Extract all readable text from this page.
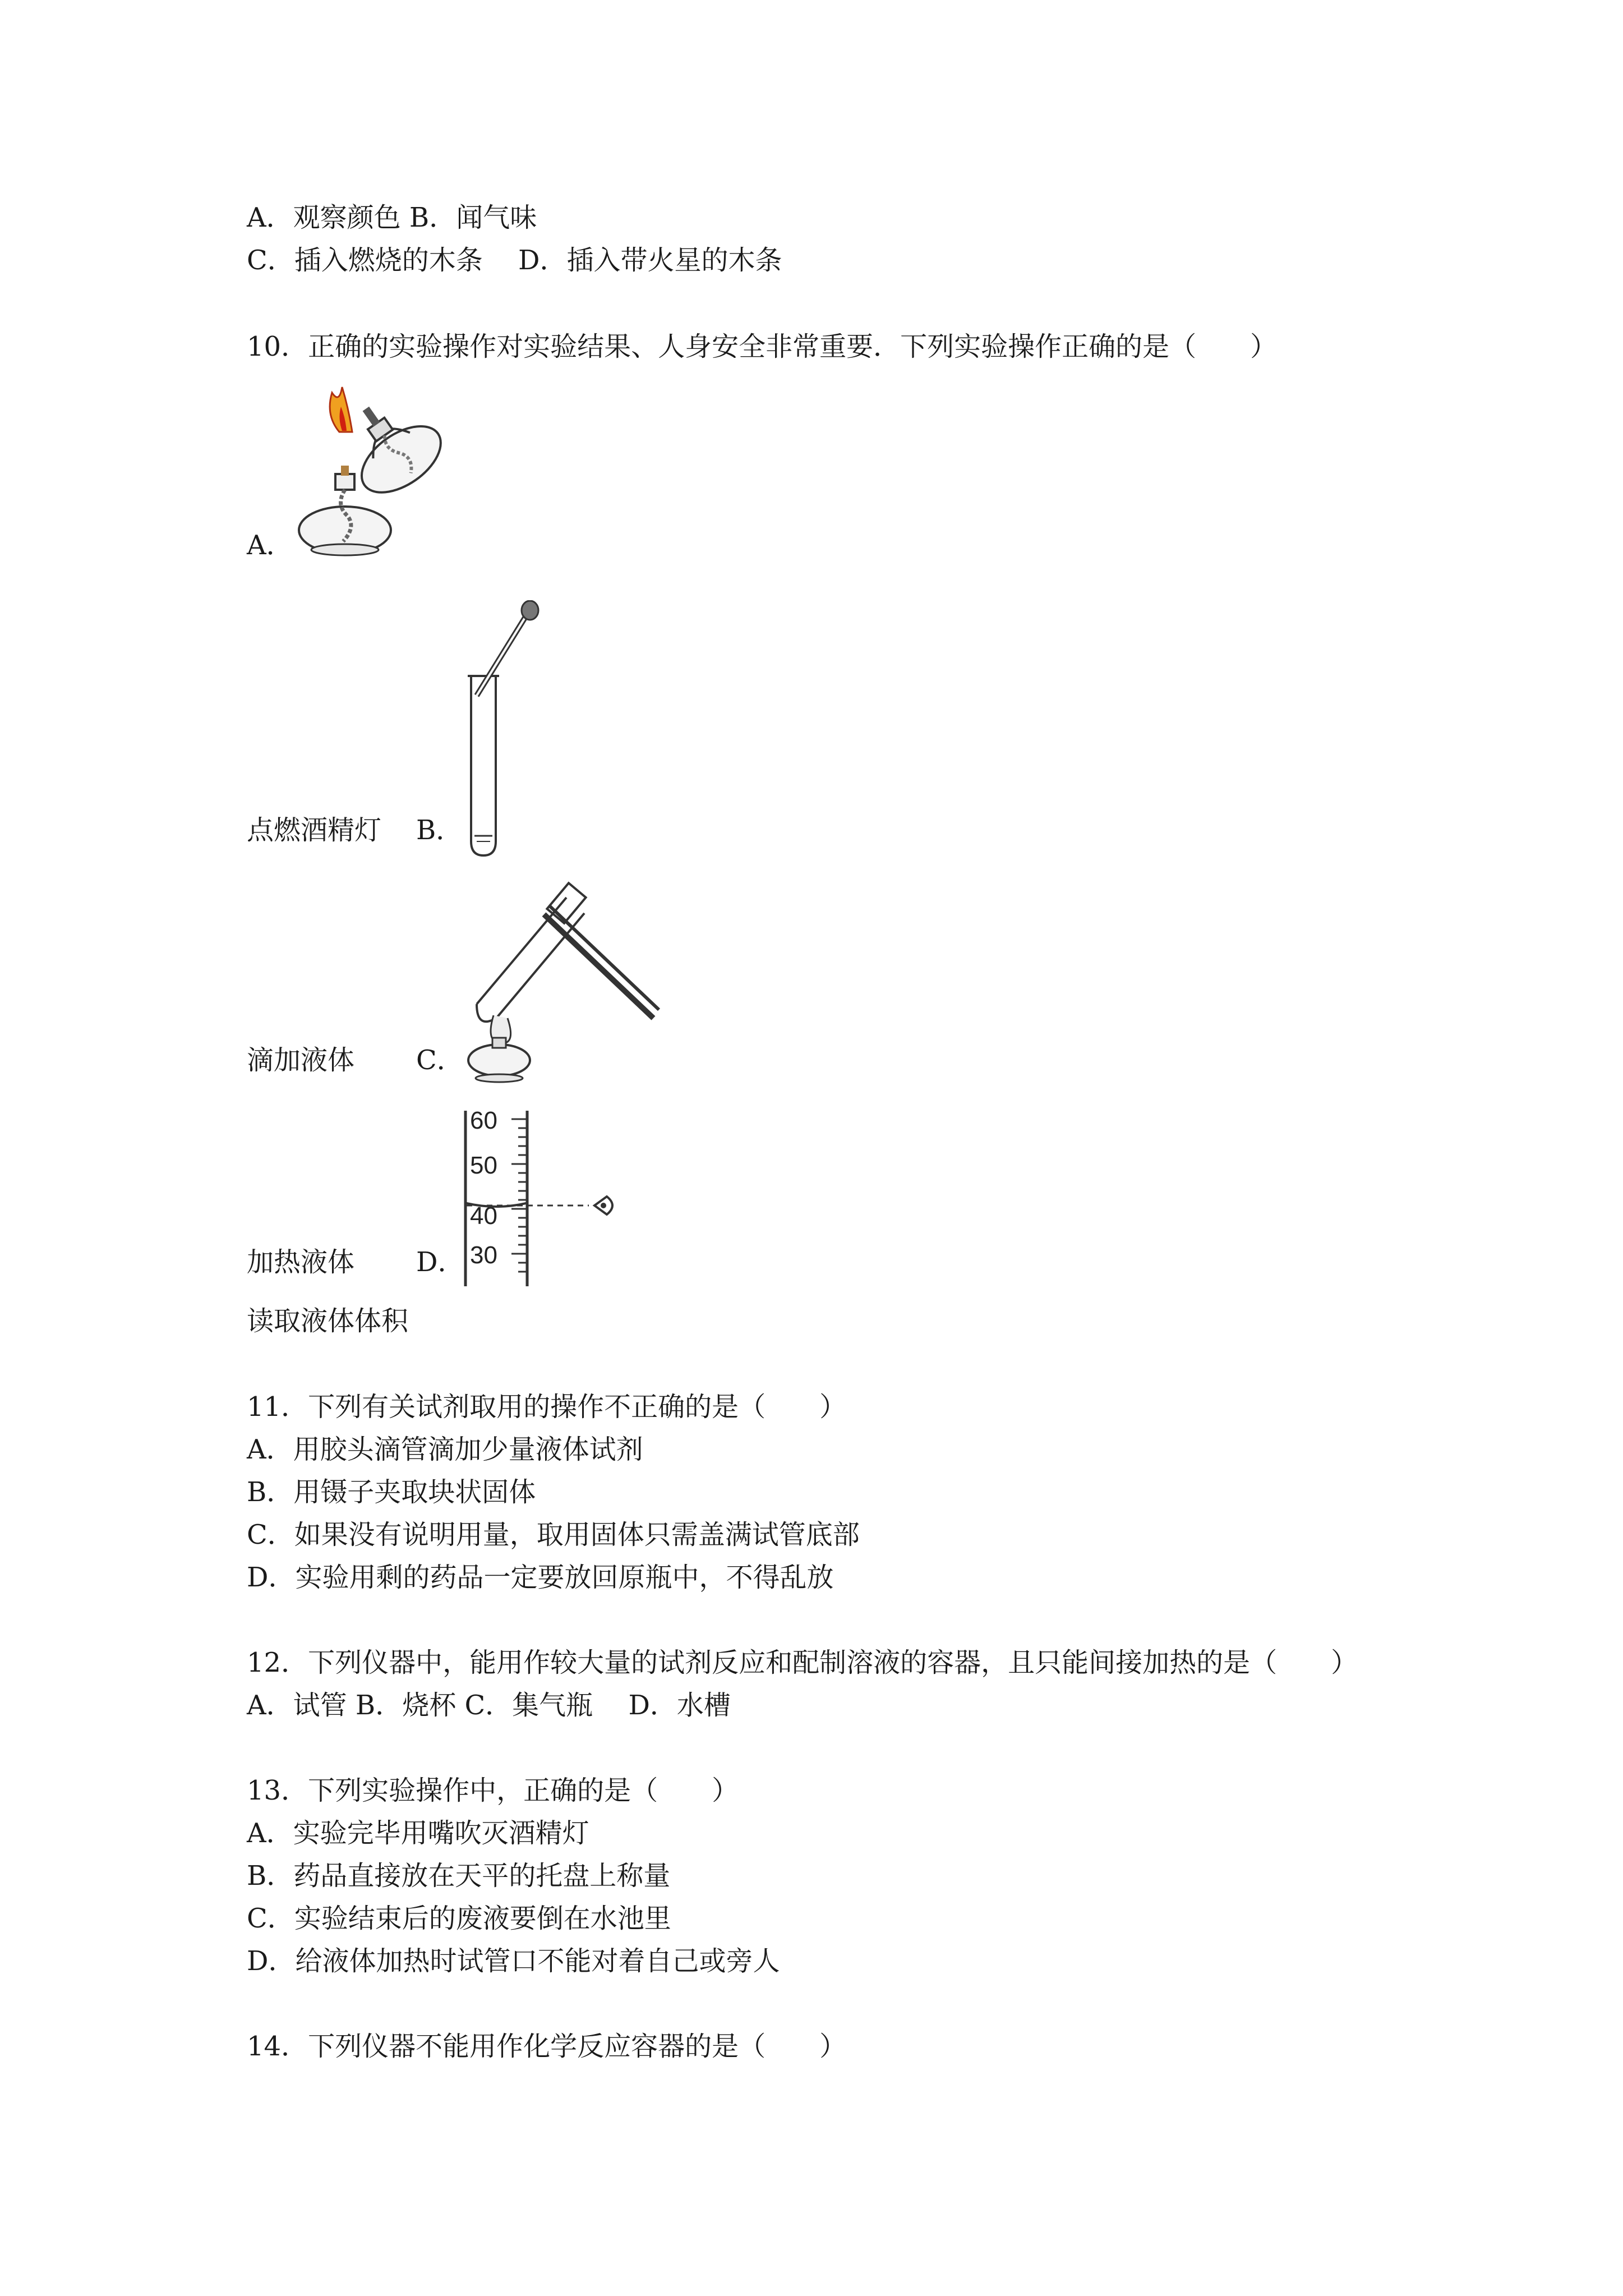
A．观察颜色 B．闻气味
C．插入燃烧的木条 　D．插入带火星的木条
10．正确的实验操作对实验结果、人身安全非常重要．下列实验操作正确的是（　　）
A．
点燃酒精灯 B．
滴加液体 C．
60
50
40
30
加热液体 D．
读取液体体积
11．下列有关试剂取用的操作不正确的是（　　）
A．用胶头滴管滴加少量液体试剂
B．用镊子夹取块状固体
C．如果没有说明用量，取用固体只需盖满试管底部
D．实验用剩的药品一定要放回原瓶中，不得乱放
12．下列仪器中，能用作较大量的试剂反应和配制溶液的容器，且只能间接加热的是（　　）
A．试管 B．烧杯 C．集气瓶 　D．水槽
13．下列实验操作中，正确的是（　　）
A．实验完毕用嘴吹灭酒精灯
B．药品直接放在天平的托盘上称量
C．实验结束后的废液要倒在水池里
D．给液体加热时试管口不能对着自己或旁人
14．下列仪器不能用作化学反应容器的是（　　）
